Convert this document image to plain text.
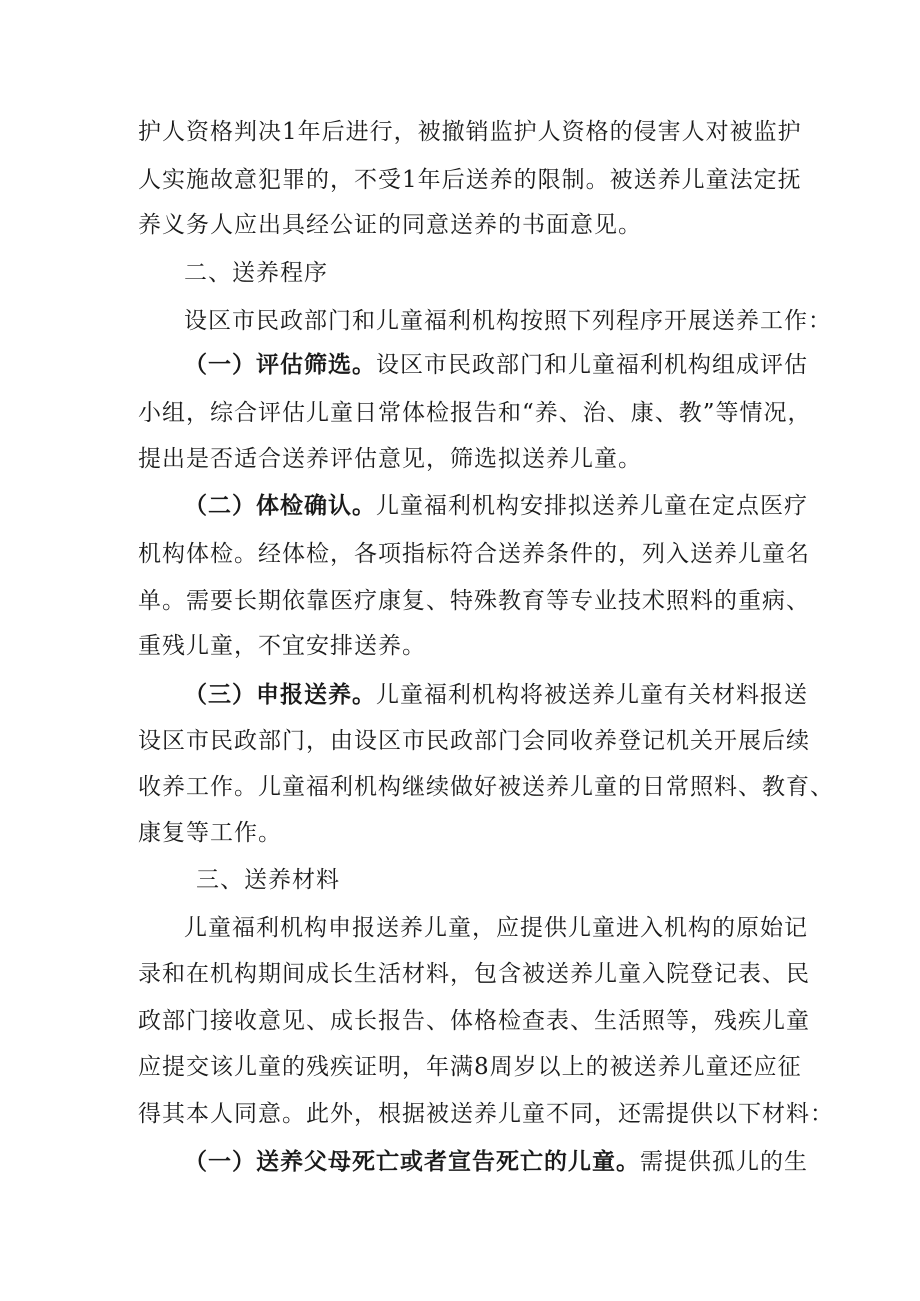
护人资格判决1年后进行，被撤销监护人资格的侵害人对被监护
人实施故意犯罪的，不受1年后送养的限制。被送养儿童法定抚
养义务人应出具经公证的同意送养的书面意见。
二、送养程序
设区市民政部门和儿童福利机构按照下列程序开展送养工作：
（一）评估筛选。设区市民政部门和儿童福利机构组成评估
小组，综合评估儿童日常体检报告和“养、治、康、教”等情况，
提出是否适合送养评估意见，筛选拟送养儿童。
（二）体检确认。儿童福利机构安排拟送养儿童在定点医疗
机构体检。经体检，各项指标符合送养条件的，列入送养儿童名
单。需要长期依靠医疗康复、特殊教育等专业技术照料的重病、
重残儿童，不宜安排送养。
（三）申报送养。儿童福利机构将被送养儿童有关材料报送
设区市民政部门，由设区市民政部门会同收养登记机关开展后续
收养工作。儿童福利机构继续做好被送养儿童的日常照料、教育、
康复等工作。
三、送养材料
儿童福利机构申报送养儿童，应提供儿童进入机构的原始记
录和在机构期间成长生活材料，包含被送养儿童入院登记表、民
政部门接收意见、成长报告、体格检查表、生活照等，残疾儿童
应提交该儿童的残疾证明，年满8周岁以上的被送养儿童还应征
得其本人同意。此外，根据被送养儿童不同，还需提供以下材料：
（一）送养父母死亡或者宣告死亡的儿童。需提供孤儿的生
